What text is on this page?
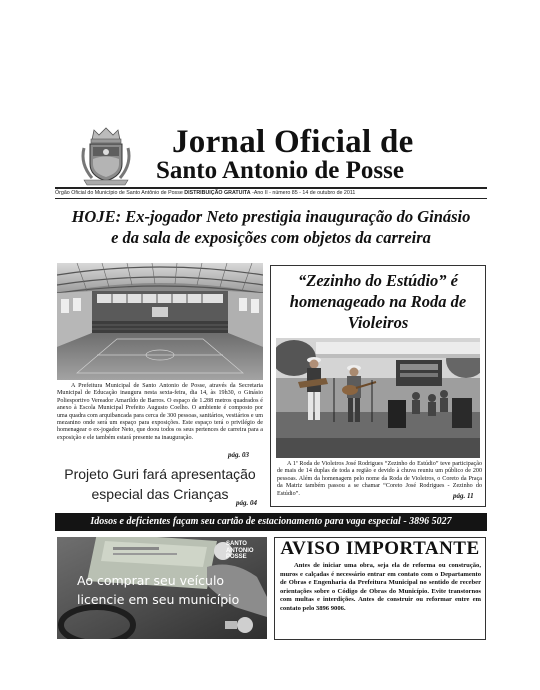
Jornal Oficial de
Santo Antonio de Posse
Órgão Oficial do Município de Santo Antônio de Posse DISTRIBUIÇÃO GRATUITA -Ano II - número 85 - 14 de outubro de 2011
HOJE: Ex-jogador Neto prestigia inauguração do Ginásio
e da sala de exposições com objetos da carreira
A Prefeitura Municipal de Santo Antonio de Posse, através da Secretaria Municipal de Educação inaugura nesta sexta-feira, dia 14, às 19h30, o Ginásio Poliesportivo Vereador Amarildo de Barros. O espaço de 1.288 metros quadrados é anexo à Escola Municipal Prefeito Augusto Coelho. O ambiente é composto por uma quadra com arquibancada para cerca de 300 pessoas, sanitários, vestiários e um mezanino onde será um espaço para exposições. Este espaço terá o privilégio de homenagear o ex-jogador Neto, que doou todos os seus pertences de carreira para a exposição e ele também estará presente na inauguração.
pág. 03
Projeto Guri fará apresentação
especial das Crianças
pág. 04
“Zezinho do Estúdio” é
homenageado na Roda de
Violeiros
A 1ª Roda de Violeiros José Rodrigues “Zezinho do Estúdio” teve participação de mais de 14 duplas de toda a região e devido à chuva reuniu um público de 200 pessoas. Além da homenagem pelo nome da Roda de Violeiros, o Coreto da Praça da Matriz também passou a se chamar “Coreto José Rodrigues - Zezinho do Estúdio”.	pág. 11
Idosos e deficientes façam seu cartão de estacionamento para vaga especial - 3896 5027
SANTO
ANTONIO
POSSE
Ao comprar seu veículo
licencie em seu município
AVISO IMPORTANTE
Antes de iniciar uma obra, seja ela de reforma ou construção, muros e calçadas é necessário entrar em contato com o Departamento de Obras e Engenharia da Prefeitura Municipal no sentido de receber orientações sobre o Código de Obras do Município. Evite transtornos com multas e interdições. Antes de construir ou reformar entre em contato pelo 3896 9006.
